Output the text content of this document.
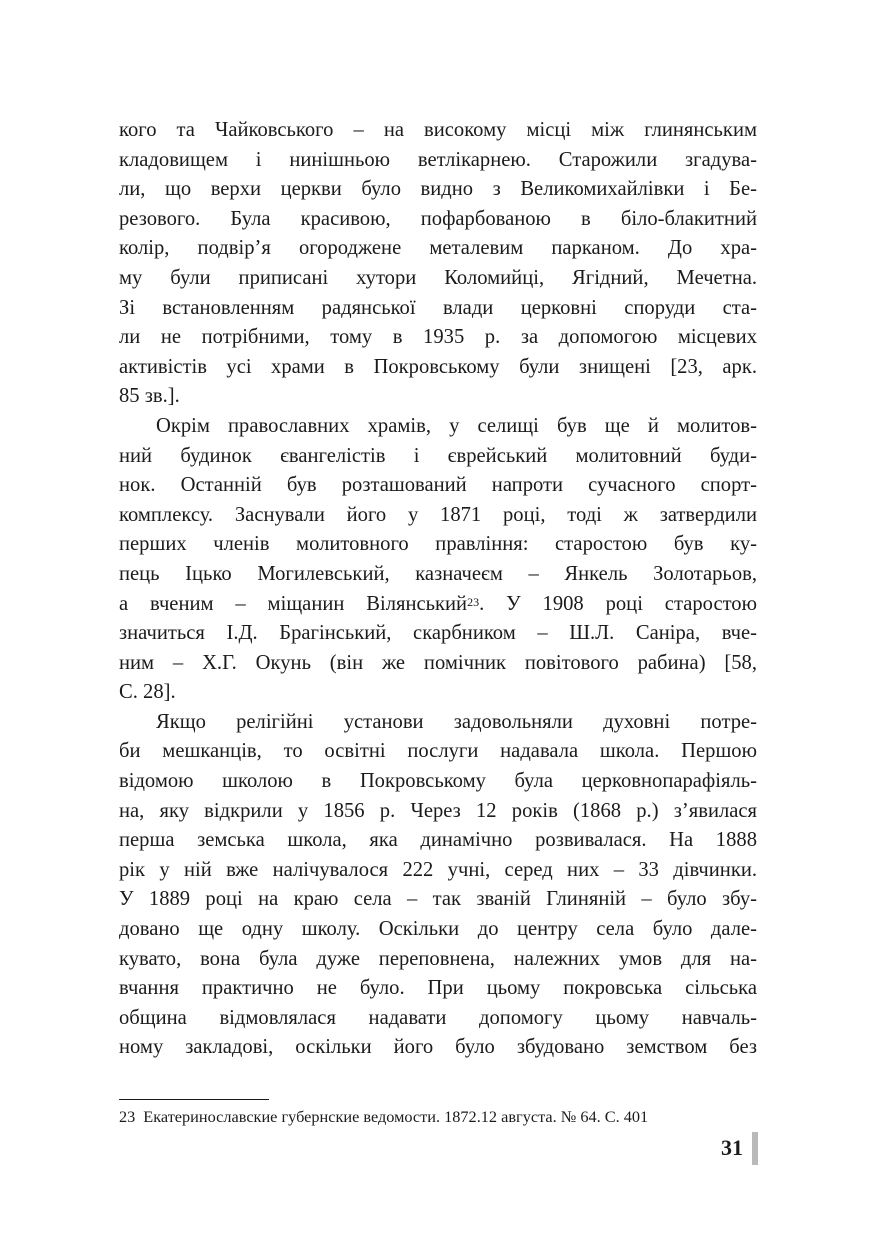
кого та Чайковського – на високому місці між глинянським
кладовищем і нинішньою ветлікарнею. Старожили згадува-
ли, що верхи церкви було видно з Великомихайлівки і Бе-
резового. Була красивою, пофарбованою в біло-блакитний
колір, подвір’я огороджене металевим парканом. До хра-
му були приписані хутори Коломийці, Ягідний, Мечетна.
Зі встановленням радянської влади церковні споруди ста-
ли не потрібними, тому в 1935 р. за допомогою місцевих
активістів усі храми в Покровському були знищені [23, арк.
85 зв.].
Окрім православних храмів, у селищі був ще й молитов-
ний будинок євангелістів і єврейський молитовний буди-
нок. Останній був розташований напроти сучасного спорт-
комплексу. Заснували його у 1871 році, тоді ж затвердили
перших членів молитовного правління: старостою був ку-
пець Іцько Могилевський, казначеєм – Янкель Золотарьов,
а вченим – міщанин Вілянський$^{23}$. У 1908 році старостою
значиться І.Д. Брагінський, скарбником – Ш.Л. Саніра, вче-
ним – Х.Г. Окунь (він же помічник повітового рабина) [58,
С. 28].
Якщо релігійні установи задовольняли духовні потре-
би мешканців, то освітні послуги надавала школа. Першою
відомою школою в Покровському була церковнопарафіяль-
на, яку відкрили у 1856 р. Через 12 років (1868 р.) з’явилася
перша земська школа, яка динамічно розвивалася. На 1888
рік у ній вже налічувалося 222 учні, серед них – 33 дівчинки.
У 1889 році на краю села – так званій Глиняній – було збу-
довано ще одну школу. Оскільки до центру села було дале-
кувато, вона була дуже переповнена, належних умов для на-
вчання практично не було. При цьому покровська сільська
община відмовлялася надавати допомогу цьому навчаль-
ному закладові, оскільки його було збудовано земством без
23 Екатеринославские губернские ведомости. 1872.12 августа. № 64. С. 401
31
